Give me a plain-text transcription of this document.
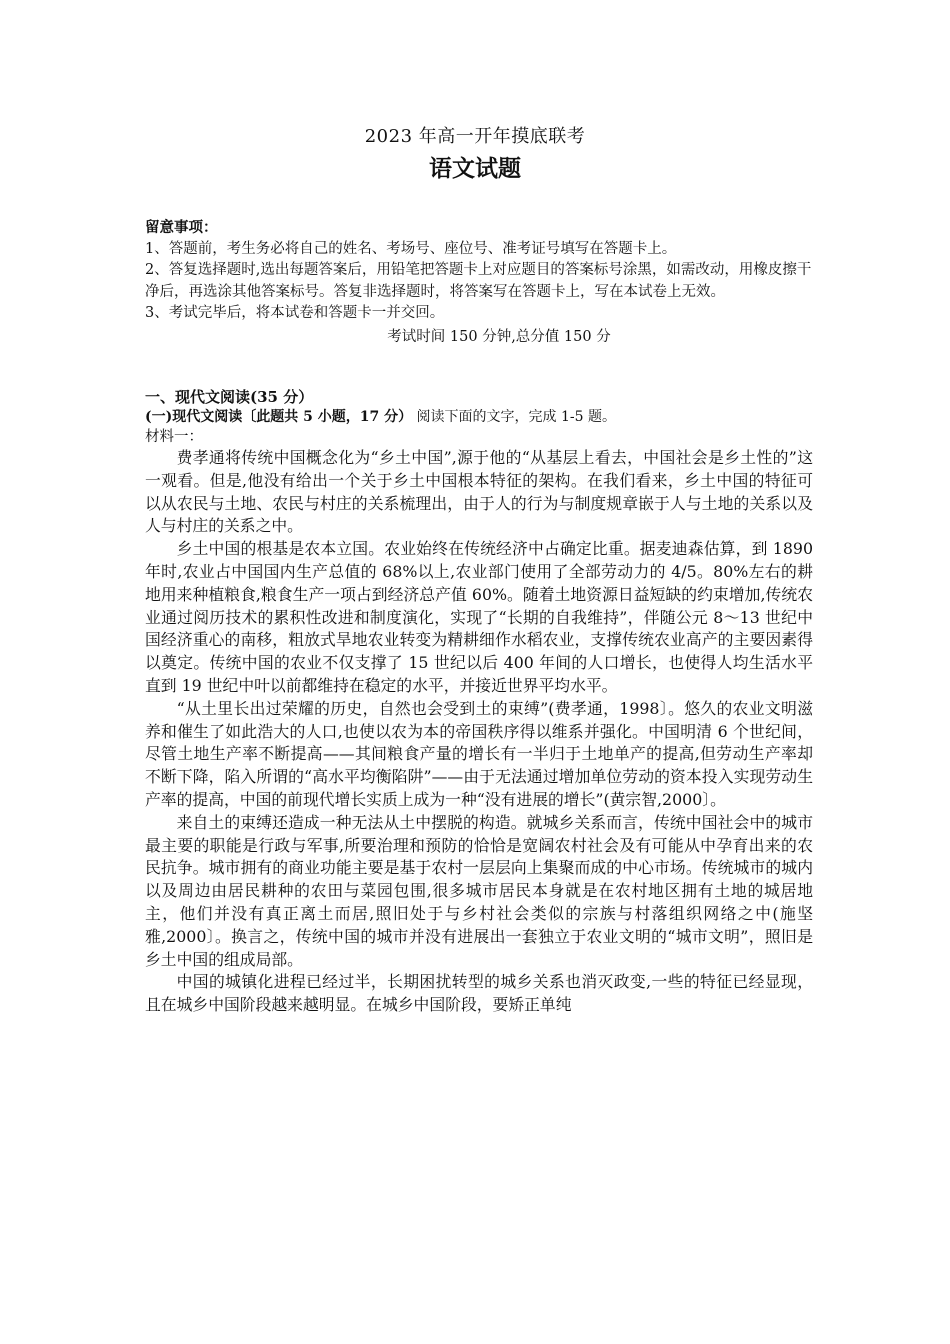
2023 年高一开年摸底联考
语文试题
留意事项：
1、答题前，考生务必将自己的姓名、考场号、座位号、准考证号填写在答题卡上。
2、答复选择题时,选出每题答案后，用铅笔把答题卡上对应题目的答案标号涂黑，如需改动，用橡皮擦干净后，再选涂其他答案标号。答复非选择题时，将答案写在答题卡上，写在本试卷上无效。
3、考试完毕后，将本试卷和答题卡一并交回。
考试时间 150 分钟,总分值 150 分
一、现代文阅读(35 分）
(一)现代文阅读〔此题共 5 小题，17 分） 阅读下面的文字，完成 1-5 题。
材料一：

费孝通将传统中国概念化为“乡土中国”,源于他的“从基层上看去，中国社会是乡土性的”这一观看。但是,他没有给出一个关于乡土中国根本特征的架构。在我们看来，乡土中国的特征可以从农民与土地、农民与村庄的关系梳理出，由于人的行为与制度规章嵌于人与土地的关系以及人与村庄的关系之中。

乡土中国的根基是农本立国。农业始终在传统经济中占确定比重。据麦迪森估算，到 1890 年时,农业占中国国内生产总值的 68%以上,农业部门使用了全部劳动力的 4/5。80%左右的耕地用来种植粮食,粮食生产一项占到经济总产值 60%。随着土地资源日益短缺的约束增加,传统农业通过阅历技术的累积性改进和制度演化，实现了“长期的自我维持”，伴随公元 8～13 世纪中国经济重心的南移，粗放式旱地农业转变为精耕细作水稻农业，支撑传统农业高产的主要因素得以奠定。传统中国的农业不仅支撑了 15 世纪以后 400 年间的人口增长，也使得人均生活水平直到 19 世纪中叶以前都维持在稳定的水平，并接近世界平均水平。

“从土里长出过荣耀的历史，自然也会受到土的束缚”(费孝通，1998〕。悠久的农业文明滋养和催生了如此浩大的人口,也使以农为本的帝国秩序得以维系并强化。中国明清 6 个世纪间，尽管土地生产率不断提高——其间粮食产量的增长有一半归于土地单产的提高,但劳动生产率却不断下降，陷入所谓的“高水平均衡陷阱”——由于无法通过增加单位劳动的资本投入实现劳动生产率的提高，中国的前现代增长实质上成为一种“没有进展的增长”(黄宗智,2000〕。

来自土的束缚还造成一种无法从土中摆脱的构造。就城乡关系而言，传统中国社会中的城市最主要的职能是行政与军事,所要治理和预防的恰恰是宽阔农村社会及有可能从中孕育出来的农民抗争。城市拥有的商业功能主要是基于农村一层层向上集聚而成的中心市场。传统城市的城内以及周边由居民耕种的农田与菜园包围,很多城市居民本身就是在农村地区拥有土地的城居地主，他们并没有真正离土而居,照旧处于与乡村社会类似的宗族与村落组织网络之中(施坚雅,2000〕。换言之，传统中国的城市并没有进展出一套独立于农业文明的“城市文明”，照旧是乡土中国的组成局部。

中国的城镇化进程已经过半，长期困扰转型的城乡关系也消灭政变,一些的特征已经显现，且在城乡中国阶段越来越明显。在城乡中国阶段，要矫正单纯
